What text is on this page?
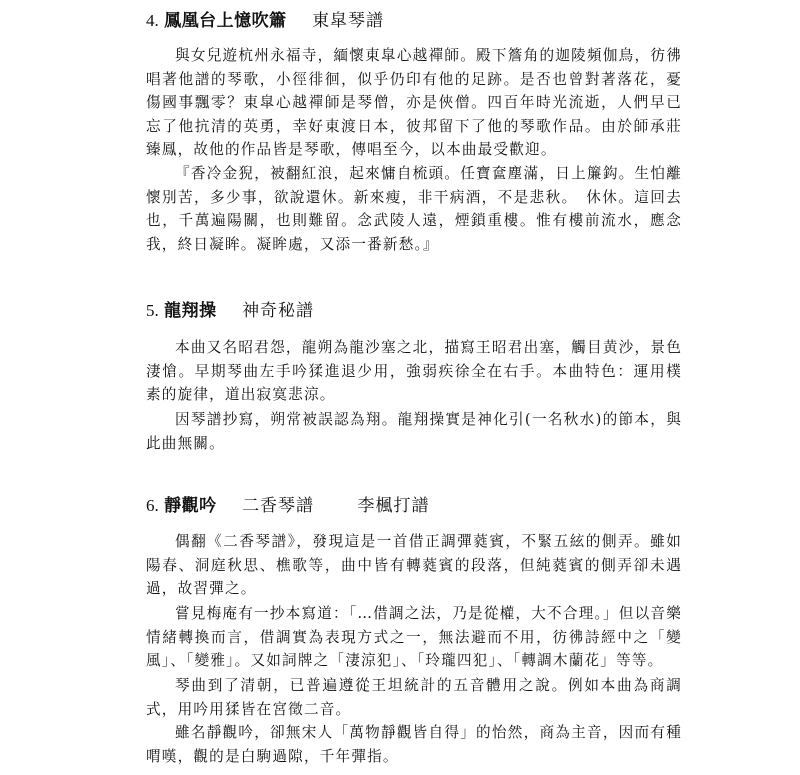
4. 鳳凰台上憶吹簫 東皐琴譜

與女兒遊杭州永福寺，緬懷東皐心越禪師。殿下簷角的迦陵頻伽鳥，彷彿唱著他譜的琴歌，小徑徘徊，似乎仍印有他的足跡。是否也曾對著落花，憂傷國事飄零？東皐心越禪師是琴僧，亦是俠僧。四百年時光流逝，人們早已忘了他抗清的英勇，幸好東渡日本，彼邦留下了他的琴歌作品。由於師承莊臻鳳，故他的作品皆是琴歌，傳唱至今，以本曲最受歡迎。

『香冷金猊，被翻紅浪，起來慵自梳頭。任寶奩塵滿，日上簾鈎。生怕離懷別苦，多少事，欲說還休。新來瘦，非干病酒，不是悲秋。　休休。這回去也，千萬遍陽關，也則難留。念武陵人遠，煙鎖重樓。惟有樓前流水，應念我，終日凝眸。凝眸處，又添一番新愁。』

5. 龍翔操 神奇秘譜

本曲又名昭君怨，龍朔為龍沙塞之北，描寫王昭君出塞，觸目黄沙，景色淒愴。早期琴曲左手吟猱進退少用，強弱疾徐全在右手。本曲特色：運用樸素的旋律，道出寂寞悲涼。

因琴譜抄寫，朔常被誤認為翔。龍翔操實是神化引(一名秋水)的節本，與此曲無關。

6. 靜觀吟 二香琴譜	李楓打譜

偶翻《二香琴譜》，發現這是一首借正調彈蕤賓，不緊五絃的側弄。雖如陽春、洞庭秋思、樵歌等，曲中皆有轉蕤賓的段落，但純蕤賓的側弄卻未遇過，故習彈之。

嘗見梅庵有一抄本寫道：「…借調之法，乃是從權，大不合理。」但以音樂情緒轉換而言，借調實為表現方式之一，無法避而不用，彷彿詩經中之「變風」、「變雅」。又如詞牌之「淒涼犯」、「玲瓏四犯」、「轉調木蘭花」等等。

琴曲到了清朝，已普遍遵從王坦統計的五音體用之說。例如本曲為商調式，用吟用猱皆在宮徵二音。

雖名靜觀吟，卻無宋人「萬物靜觀皆自得」的怡然，商為主音，因而有種喟嘆，觀的是白駒過隙，千年彈指。
